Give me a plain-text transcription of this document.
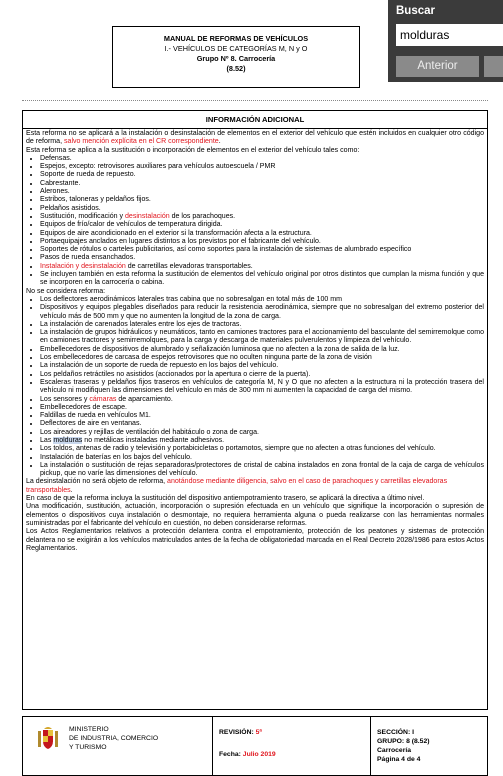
MANUAL DE REFORMAS DE VEHÍCULOS
I.- VEHÍCULOS DE CATEGORÍAS M, N y O
Grupo Nº 8. Carrocería
(8.52)
INFORMACIÓN ADICIONAL

Esta reforma no se aplicará a la instalación o desinstalación de elementos en el exterior del vehículo que estén incluidos en cualquier otro código de reforma, salvo mención explícita en el CR correspondiente.

Esta reforma se aplica a la sustitución o incorporación de elementos en el exterior del vehículo tales como:

• Defensas.
• Espejos, excepto: retrovisores auxiliares para vehículos autoescuela / PMR
• Soporte de rueda de repuesto.
• Cabrestante.
• Alerones.
• Estribos, taloneras y peldaños fijos.
• Peldaños asistidos.
• Sustitución, modificación y desinstalación de los parachoques.
• Equipos de frío/calor de vehículos de temperatura dirigida.
• Equipos de aire acondicionado en el exterior si la transformación afecta a la estructura.
• Portaequipajes anclados en lugares distintos a los previstos por el fabricante del vehículo.
• Soportes de rótulos o carteles publicitarios, así como soportes para la instalación de sistemas de alumbrado específico
• Pasos de rueda ensanchados.
• Instalación y desinstalación de carretillas elevadoras transportables.
• Se incluyen también en esta reforma la sustitución de elementos del vehículo original por otros distintos que cumplan la misma función y que se incorporen en la carrocería o cabina.

No se considera reforma:

• Los deflectores aerodinámicos laterales tras cabina que no sobresalgan en total más de 100 mm
• Dispositivos y equipos plegables diseñados para reducir la resistencia aerodinámica, siempre que no sobresalgan del extremo posterior del vehículo más de 500 mm y que no aumenten la longitud de la zona de carga.
• La instalación de carenados laterales entre los ejes de tractoras.
• La instalación de grupos hidráulicos y neumáticos, tanto en camiones tractores para el accionamiento del basculante del semirremolque como en camiones tractores y semirremolques, para la carga y descarga de materiales pulverulentos y limpieza del vehículo.
• Embellecedores de dispositivos de alumbrado y señalización luminosa que no afecten a la zona de salida de la luz.
• Los embellecedores de carcasa de espejos retrovisores que no oculten ninguna parte de la zona de visión
• La instalación de un soporte de rueda de repuesto en los bajos del vehículo.
• Los peldaños retráctiles no asistidos (accionados por la apertura o cierre de la puerta).
• Escaleras traseras y peldaños fijos traseros en vehículos de categoría M, N y O que no afecten a la estructura ni la protección trasera del vehículo ni modifiquen las dimensiones del vehículo en más de 300 mm ni aumenten la capacidad de carga del mismo.
• Los sensores y cámaras de aparcamiento.
• Embellecedores de escape.
• Faldillas de rueda en vehículos M1.
• Deflectores de aire en ventanas.
• Los aireadores y rejillas de ventilación del habitáculo o zona de carga.
• Las molduras no metálicas instaladas mediante adhesivos.
• Los toldos, antenas de radio y televisión y portabicicletas o portamotos, siempre que no afecten a otras funciones del vehículo.
• Instalación de baterías en los bajos del vehículo.
• La instalación o sustitución de rejas separadoras/protectores de cristal de cabina instalados en zona frontal de la caja de carga de vehículos pickup, que no varíe las dimensiones del vehículo.

La desinstalación no será objeto de reforma, anotándose mediante diligencia, salvo en el caso de parachoques y carretillas elevadoras transportables.

En caso de que la reforma incluya la sustitución del dispositivo antiempotramiento trasero, se aplicará la directiva a último nivel.

Una modificación, sustitución, actuación, incorporación o supresión efectuada en un vehículo que signifique la incorporación o supresión de elementos o dispositivos cuya instalación o desmontaje, no requiera herramienta alguna o pueda realizarse con las herramientas normales suministradas por el fabricante del vehículo en cuestión, no deben considerarse reformas.

Los Actos Reglamentarios relativos a protección delantera contra el empotramiento, protección de los peatones y sistemas de protección delantera no se exigirán a los vehículos matriculados antes de la fecha de obligatoriedad marcada en el Real Decreto 2028/1986 para estos Actos Reglamentarios.

MINISTERIO
DE INDUSTRIA, COMERCIO
Y TURISMO
REVISIÓN: 5ª
Fecha: Julio 2019
SECCIÓN: I
GRUPO: 8 (8.52)
Carrocería
Página 4 de 4
Buscar
molduras
Anterior
